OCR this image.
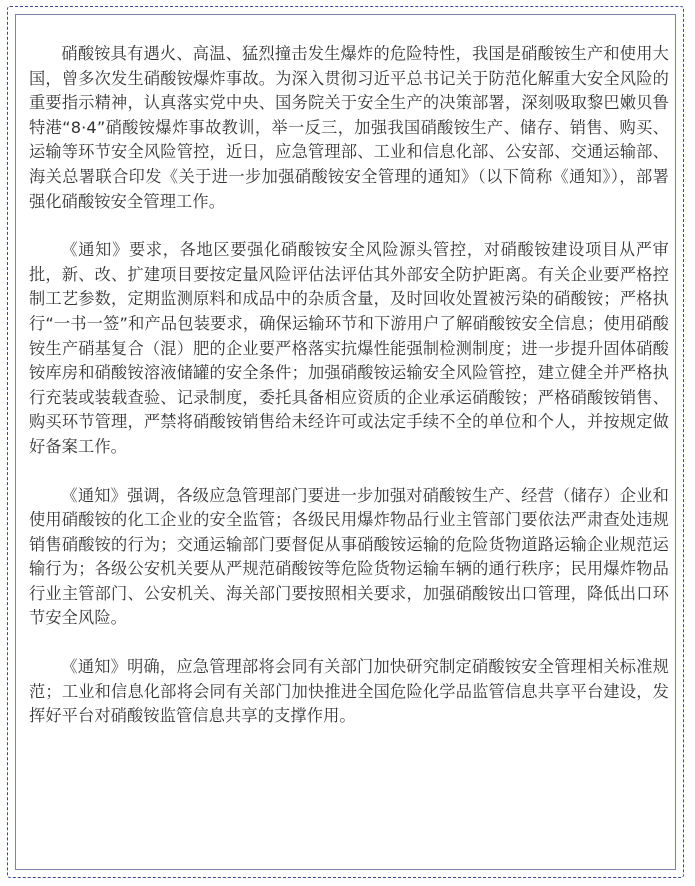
硝酸铵具有遇火、高温、猛烈撞击发生爆炸的危险特性，我国是硝酸铵生产和使用大国，曾多次发生硝酸铵爆炸事故。为深入贯彻习近平总书记关于防范化解重大安全风险的重要指示精神，认真落实党中央、国务院关于安全生产的决策部署，深刻吸取黎巴嫩贝鲁特港“8·4”硝酸铵爆炸事故教训，举一反三，加强我国硝酸铵生产、储存、销售、购买、运输等环节安全风险管控，近日，应急管理部、工业和信息化部、公安部、交通运输部、海关总署联合印发《关于进一步加强硝酸铵安全管理的通知》（以下简称《通知》），部署强化硝酸铵安全管理工作。

《通知》要求，各地区要强化硝酸铵安全风险源头管控，对硝酸铵建设项目从严审批，新、改、扩建项目要按定量风险评估法评估其外部安全防护距离。有关企业要严格控制工艺参数，定期监测原料和成品中的杂质含量，及时回收处置被污染的硝酸铵；严格执行“一书一签”和产品包装要求，确保运输环节和下游用户了解硝酸铵安全信息；使用硝酸铵生产硝基复合（混）肥的企业要严格落实抗爆性能强制检测制度；进一步提升固体硝酸铵库房和硝酸铵溶液储罐的安全条件；加强硝酸铵运输安全风险管控，建立健全并严格执行充装或装载查验、记录制度，委托具备相应资质的企业承运硝酸铵；严格硝酸铵销售、购买环节管理，严禁将硝酸铵销售给未经许可或法定手续不全的单位和个人，并按规定做好备案工作。

《通知》强调，各级应急管理部门要进一步加强对硝酸铵生产、经营（储存）企业和使用硝酸铵的化工企业的安全监管；各级民用爆炸物品行业主管部门要依法严肃查处违规销售硝酸铵的行为；交通运输部门要督促从事硝酸铵运输的危险货物道路运输企业规范运输行为；各级公安机关要从严规范硝酸铵等危险货物运输车辆的通行秩序；民用爆炸物品行业主管部门、公安机关、海关部门要按照相关要求，加强硝酸铵出口管理，降低出口环节安全风险。

《通知》明确，应急管理部将会同有关部门加快研究制定硝酸铵安全管理相关标准规范；工业和信息化部将会同有关部门加快推进全国危险化学品监管信息共享平台建设，发挥好平台对硝酸铵监管信息共享的支撑作用。
